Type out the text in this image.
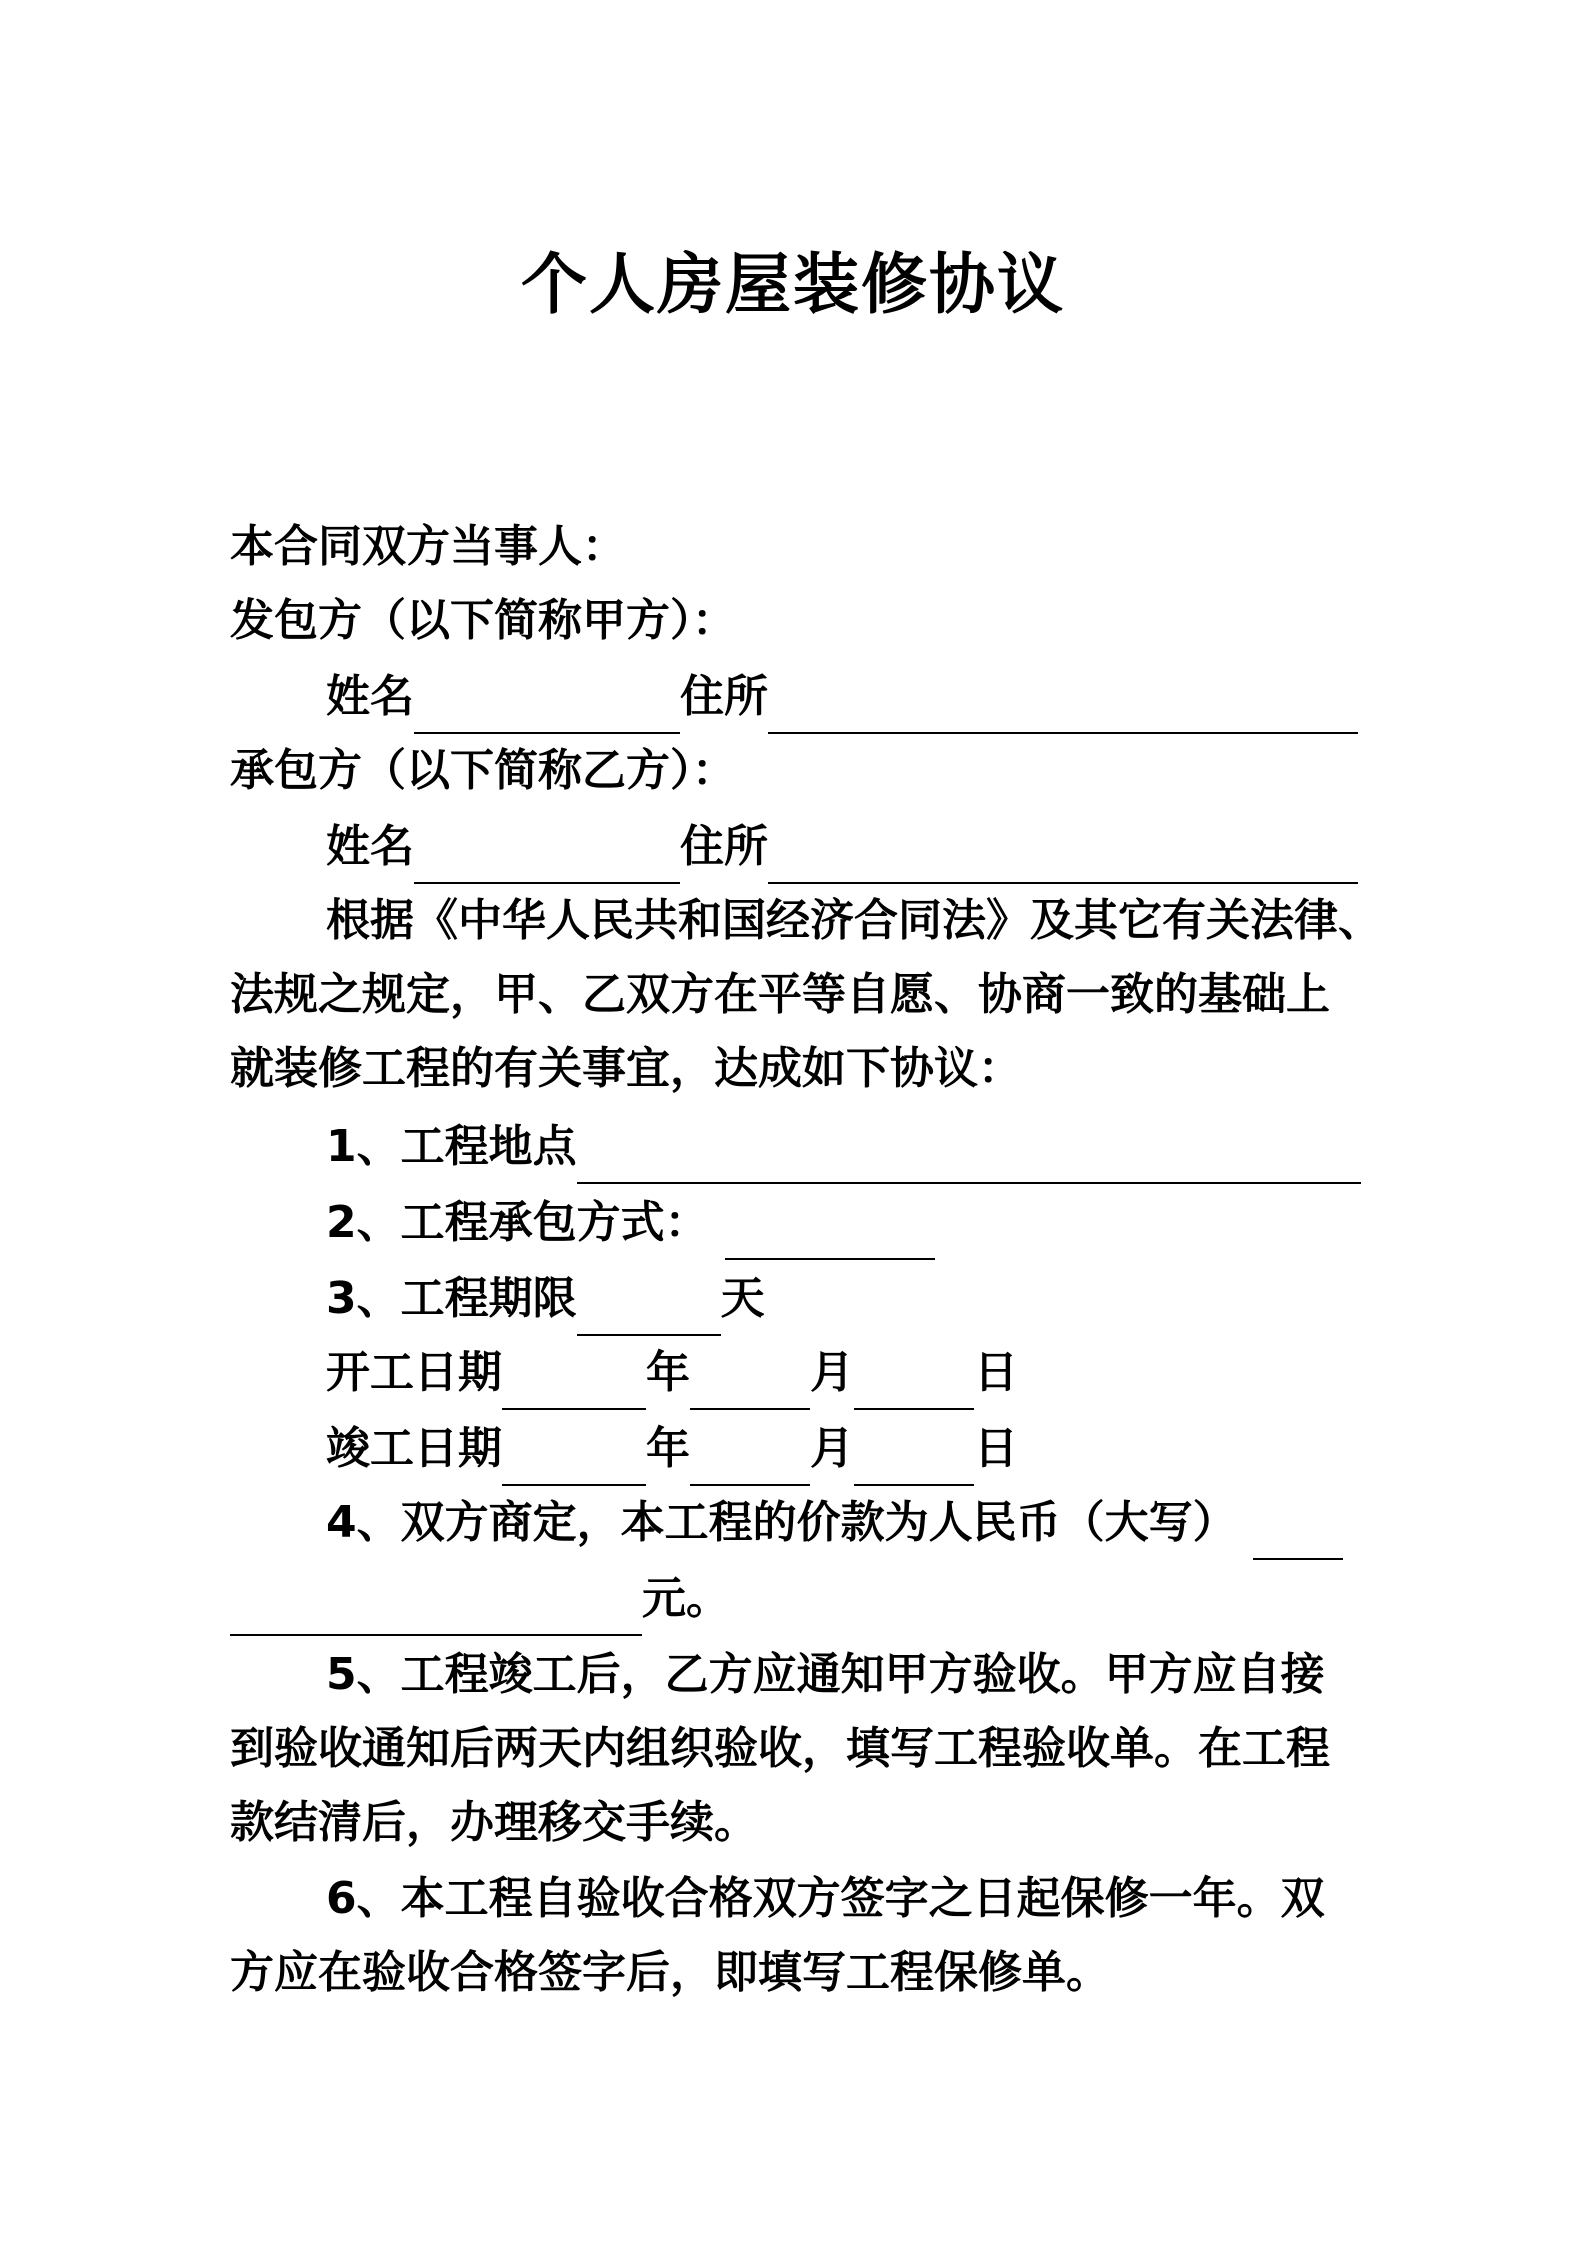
个人房屋装修协议
本合同双方当事人：
发包方（以下简称甲方）：
姓名	住所
承包方（以下简称乙方）：
姓名	住所
根据《中华人民共和国经济合同法》及其它有关法律、
法规之规定，甲、乙双方在平等自愿、协商一致的基础上
就装修工程的有关事宜，达成如下协议：
1、工程地点
2、工程承包方式：
3、工程期限	天
开工日期	年	月	日
竣工日期	年	月	日
4、双方商定，本工程的价款为人民币（大写）
元。
5、工程竣工后，乙方应通知甲方验收。甲方应自接
到验收通知后两天内组织验收，填写工程验收单。在工程
款结清后，办理移交手续。
6、本工程自验收合格双方签字之日起保修一年。双
方应在验收合格签字后，即填写工程保修单。
